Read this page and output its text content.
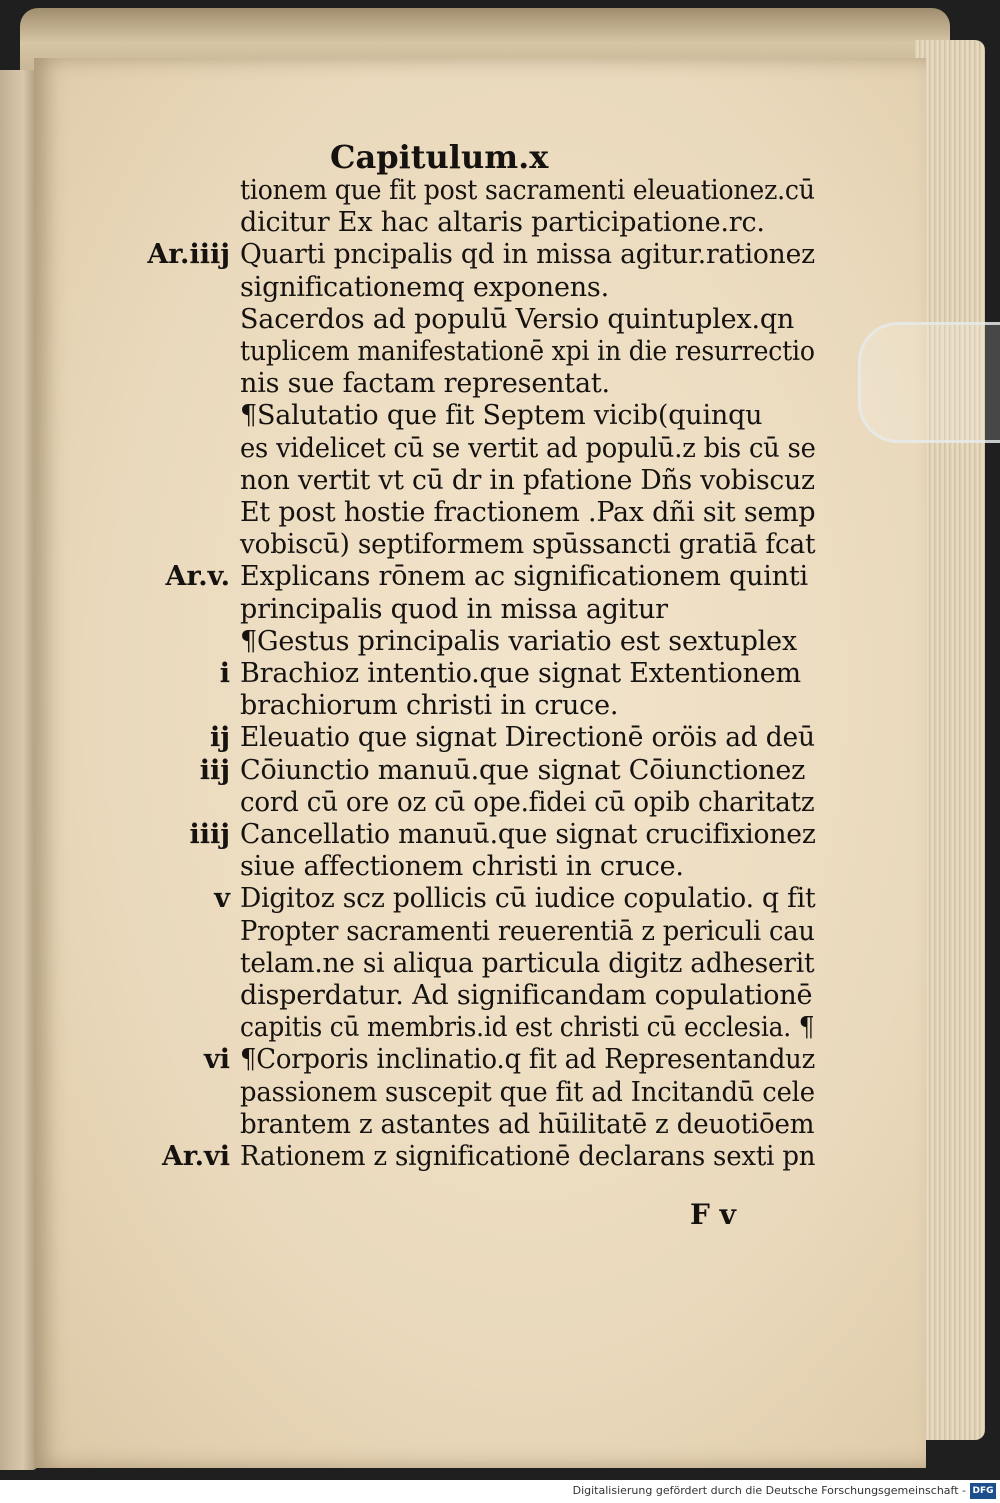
Capitulum.x
tionem que fit post sacramenti eleuationez.cū
dicitur Ex hac altaris participatione.rc.
Ar.iiij Quarti pncipalis qd in missa agitur.rationez
significationemq exponens.
Sacerdos ad populū Versio quintuplex.qn
tuplicem manifestationē xpi in die resurrectio
nis sue factam representat.
¶Salutatio que fit Septem vicib(quinqu
es videlicet cū se vertit ad populū.z bis cū se
non vertit vt cū dr in pfatione Dñs vobiscuz
Et post hostie fractionem .Pax dñi sit semp
vobiscū) septiformem spūssancti gratiā fcat
Ar.v. Explicans rōnem ac significationem quinti
principalis quod in missa agitur
¶Gestus principalis variatio est sextuplex
i Brachioz intentio.que signat Extentionem
brachiorum christi in cruce.
ij Eleuatio que signat Directionē oröis ad deū
iij Cōiunctio manuū.que signat Cōiunctionez
cord cū ore oz cū ope.fidei cū opib charitatz
iiij Cancellatio manuū.que signat crucifixionez
siue affectionem christi in cruce.
v Digitoz scz pollicis cū iudice copulatio. q fit
Propter sacramenti reuerentiā z periculi cau
telam.ne si aliqua particula digitz adheserit
disperdatur. Ad significandam copulationē
capitis cū membris.id est christi cū ecclesia. ¶
vi ¶Corporis inclinatio.q fit ad Representanduz
passionem suscepit que fit ad Incitandū cele
brantem z astantes ad hūilitatē z deuotiōem
Ar.vi Rationem z significationē declarans sexti pn
F v
Digitalisierung gefördert durch die Deutsche Forschungsgemeinschaft - DFG
